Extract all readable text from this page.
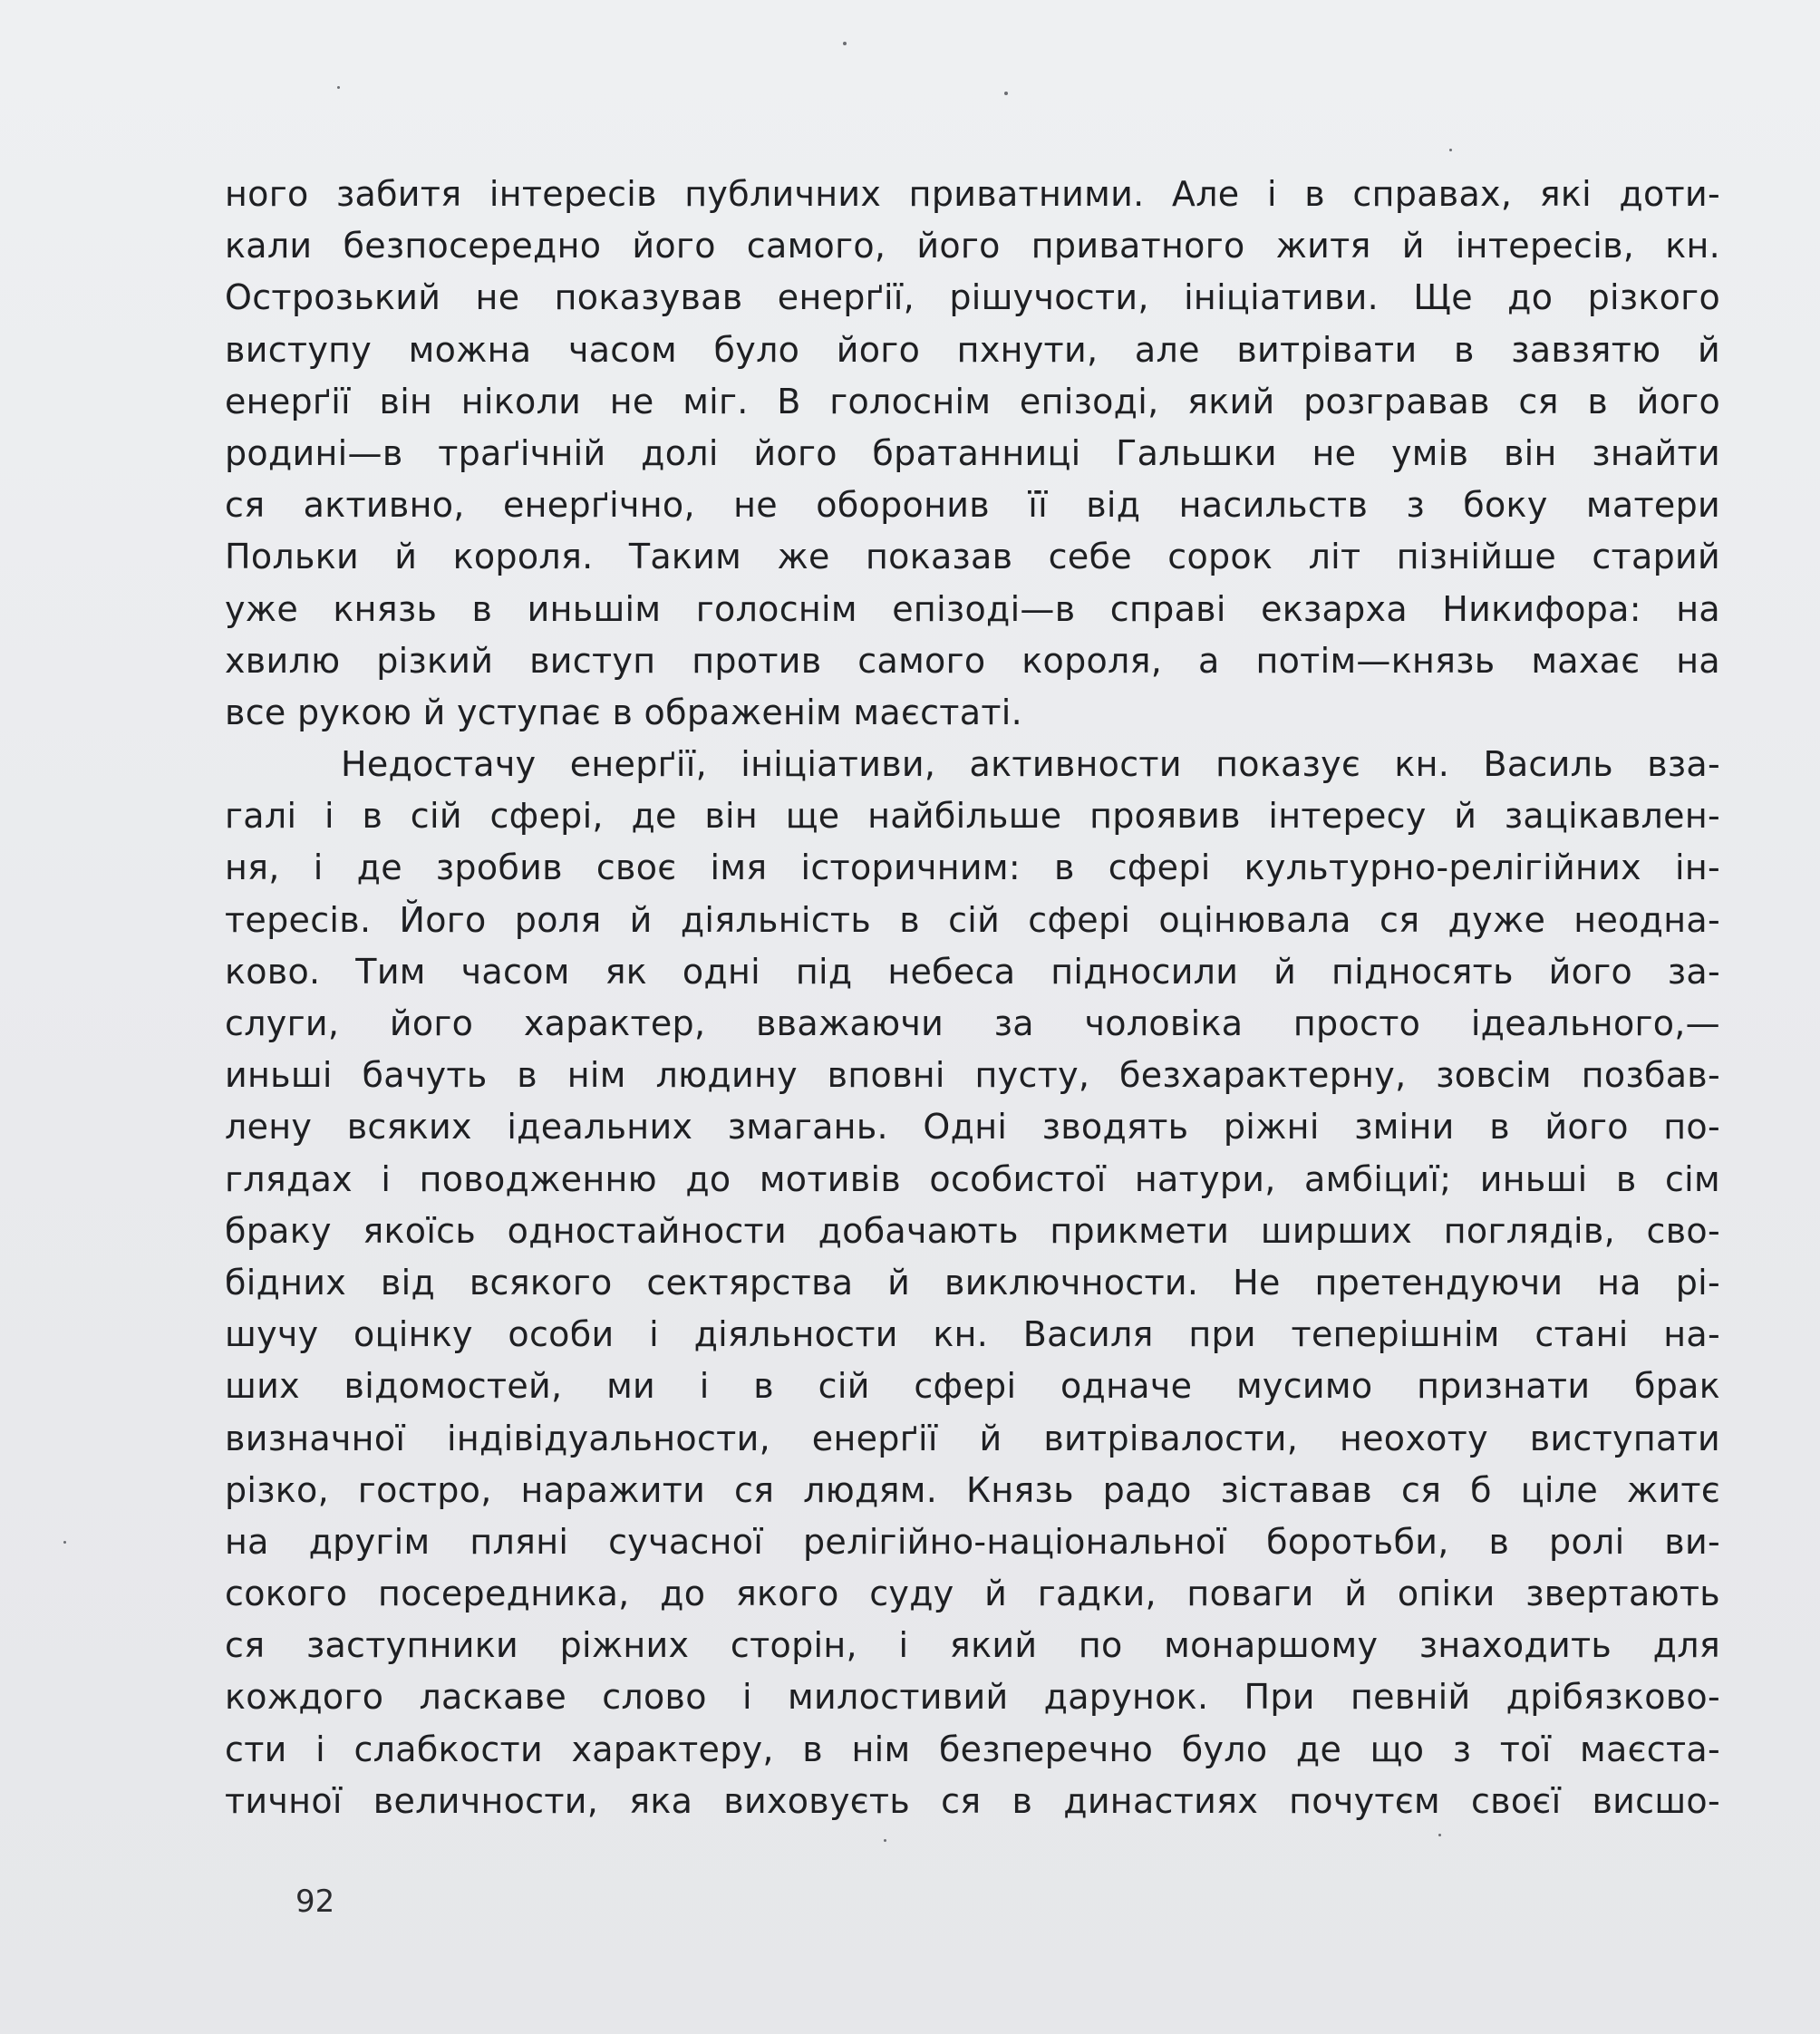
ного забитя інтересів публичних приватними. Але і в справах, які доти-
кали безпосередно його самого, його приватного житя й інтересів, кн.
Острозький не показував енерґії, рішучости, ініціативи. Ще до різкого
виступу можна часом було його пхнути, але витрівати в завзятю й
енерґії він ніколи не міг. В голоснім епізоді, який розгравав ся в його
родині—в траґічній долі його братанниці Гальшки не умів він знайти
ся активно, енерґічно, не оборонив її від насильств з боку матери
Польки й короля. Таким же показав себе сорок літ пізнійше старий
уже князь в иньшім голоснім епізоді—в справі екзарха Никифора: на
хвилю різкий виступ против самого короля, а потім—князь махає на
все рукою й уступає в ображенім маєстаті.
Недостачу енерґії, ініціативи, активности показує кн. Василь вза-
галі і в сій сфері, де він ще найбільше проявив інтересу й зацікавлен-
ня, і де зробив своє імя історичним: в сфері культурно-релігійних ін-
тересів. Його роля й діяльність в сій сфері оцінювала ся дуже неодна-
ково. Тим часом як одні під небеса підносили й підносять його за-
слуги, його характер, вважаючи за чоловіка просто ідеального,—
иньші бачуть в нім людину вповні пусту, безхарактерну, зовсім позбав-
лену всяких ідеальних змагань. Одні зводять ріжні зміни в його по-
глядах і поводженню до мотивів особистої натури, амбіциї; иньші в сім
браку якоїсь одностайности добачають прикмети ширших поглядів, сво-
бідних від всякого сектярства й виключности. Не претендуючи на рі-
шучу оцінку особи і діяльности кн. Василя при теперішнім стані на-
ших відомостей, ми і в сій сфері одначе мусимо признати брак
визначної індівідуальности, енерґії й витрівалости, неохоту виступати
різко, гостро, наражити ся людям. Князь радо зіставав ся б ціле житє
на другім пляні сучасної релігійно-національної боротьби, в ролі ви-
сокого посередника, до якого суду й гадки, поваги й опіки звертають
ся заступники ріжних сторін, і який по монаршому знаходить для
кождого ласкаве слово і милостивий дарунок. При певній дрібязково-
сти і слабкости характеру, в нім безперечно було де що з тої маєста-
тичної величности, яка виховуєть ся в династиях почутєм своєї висшо-
92
